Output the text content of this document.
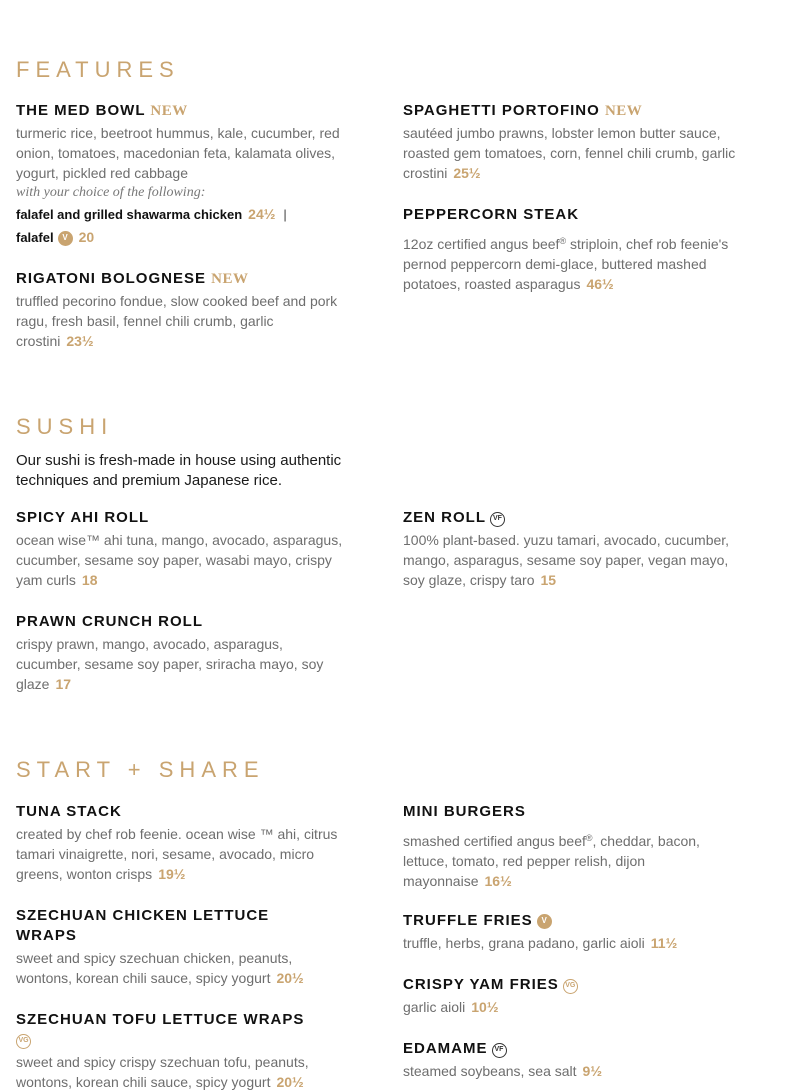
FEATURES

THE MED BOWL NEW

turmeric rice, beetroot hummus, kale, cucumber, red onion, tomatoes, macedonian feta, kalamata olives, yogurt, pickled red cabbage

with your choice of the following:

falafel and grilled shawarma chicken 24½ |

falafel V 20

RIGATONI BOLOGNESE NEW

truffled pecorino fondue, slow cooked beef and pork ragu, fresh basil, fennel chili crumb, garlic crostini 23½

SPAGHETTI PORTOFINO NEW

sautéed jumbo prawns, lobster lemon butter sauce, roasted gem tomatoes, corn, fennel chili crumb, garlic crostini 25½

PEPPERCORN STEAK

12oz certified angus beef® striploin, chef rob feenie's pernod peppercorn demi-glace, buttered mashed potatoes, roasted asparagus 46½

SUSHI

Our sushi is fresh-made in house using authentic techniques and premium Japanese rice.

SPICY AHI ROLL

ocean wise™ ahi tuna, mango, avocado, asparagus, cucumber, sesame soy paper, wasabi mayo, crispy yam curls 18

PRAWN CRUNCH ROLL

crispy prawn, mango, avocado, asparagus, cucumber, sesame soy paper, sriracha mayo, soy glaze 17

ZEN ROLL VF

100% plant-based. yuzu tamari, avocado, cucumber, mango, asparagus, sesame soy paper, vegan mayo, soy glaze, crispy taro 15

START + SHARE

TUNA STACK

created by chef rob feenie. ocean wise ™ ahi, citrus tamari vinaigrette, nori, sesame, avocado, micro greens, wonton crisps 19½

SZECHUAN CHICKEN LETTUCE WRAPS

sweet and spicy szechuan chicken, peanuts, wontons, korean chili sauce, spicy yogurt 20½

SZECHUAN TOFU LETTUCE WRAPS
VG

sweet and spicy crispy szechuan tofu, peanuts, wontons, korean chili sauce, spicy yogurt 20½

MINI BURGERS

smashed certified angus beef®, cheddar, bacon, lettuce, tomato, red pepper relish, dijon mayonnaise 16½

TRUFFLE FRIES V

truffle, herbs, grana padano, garlic aioli 11½

CRISPY YAM FRIES VG

garlic aioli 10½

EDAMAME VF

steamed soybeans, sea salt 9½
